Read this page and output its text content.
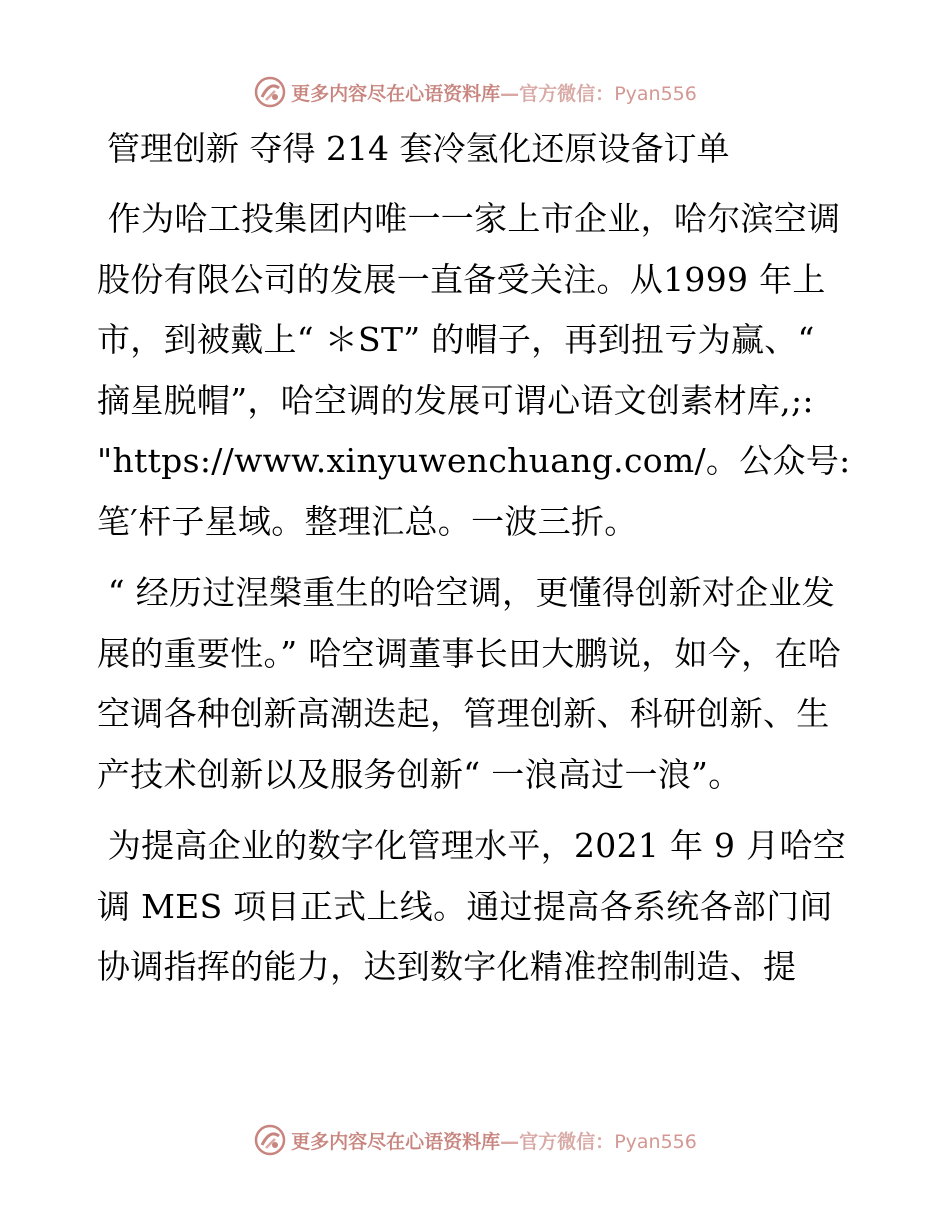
更多内容尽在心语资料库—官方微信：Pyan556
管理创新 夺得 214 套冷氢化还原设备订单

作为哈工投集团内唯一一家上市企业，哈尔滨空调股份有限公司的发展一直备受关注。从1999 年上市，到被戴上“ ＊ST” 的帽子，再到扭亏为赢、“ 摘星脱帽”，哈空调的发展可谓心语文创素材库,;: "https://www.xinyuwenchuang.com/。公众号: 笔′杆子星域。整理汇总。一波三折。

“ 经历过涅槃重生的哈空调，更懂得创新对企业发展的重要性。” 哈空调董事长田大鹏说，如今，在哈空调各种创新高潮迭起，管理创新、科研创新、生产技术创新以及服务创新“ 一浪高过一浪”。

为提高企业的数字化管理水平，2021 年 9 月哈空调 MES 项目正式上线。通过提高各系统各部门间协调指挥的能力，达到数字化精准控制制造、提

更多内容尽在心语资料库—官方微信：Pyan556
